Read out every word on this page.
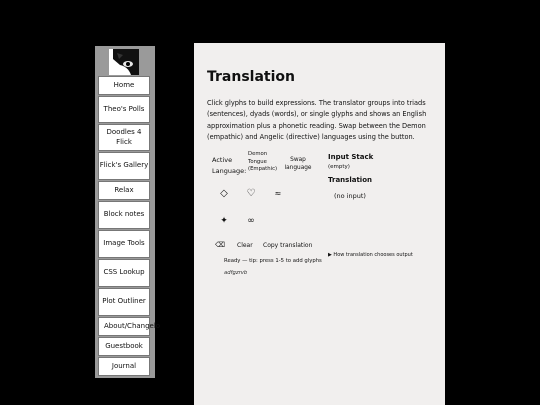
Home
Theo's Polls
Doodles 4 Flick
Flick's Gallery
Relax
Block notes
Image Tools
CSS Lookup
Plot Outliner
About/Changelo
Guestbook
Journal
Translation
Click glyphs to build expressions. The translator groups into triads (sentences), dyads (words), or single glyphs and shows an English approximation plus a phonetic reading. Swap between the Demon (empathic) and Angelic (directive) languages using the button.
Active Language:
Demon Tongue (Empathic)
Swap language
Input Stack
(empty)
Translation
(no input)
◇	♡	≈
✦	∞
⌫ Clear Copy translation
▶ How translation chooses output
Ready — tip: press 1-5 to add glyphs
adfgzrvb
